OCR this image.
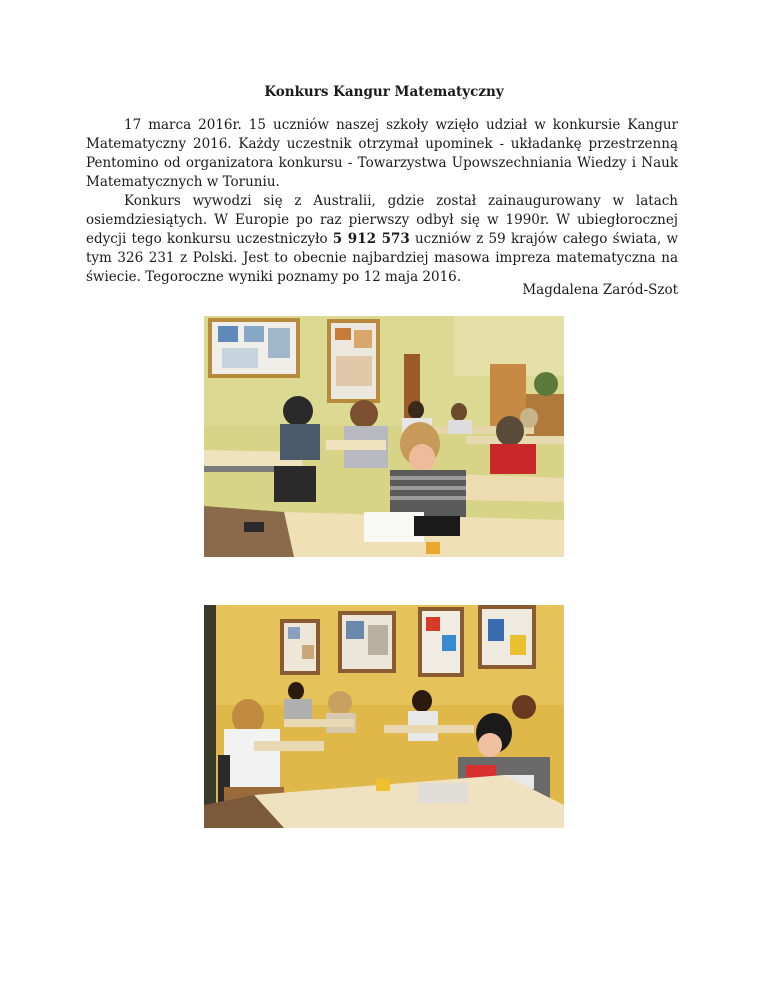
Konkurs Kangur Matematyczny

17 marca 2016r. 15 uczniów naszej szkoły wzięło udział w konkursie Kangur Matematyczny 2016. Każdy uczestnik otrzymał upominek - układankę przestrzenną Pentomino od organizatora konkursu - Towarzystwa Upowszechniania Wiedzy i Nauk Matematycznych w Toruniu.

Konkurs wywodzi się z Australii, gdzie został zainaugurowany w latach osiemdziesiątych. W Europie po raz pierwszy odbył się w 1990r. W ubiegłorocznej edycji tego konkursu uczestniczyło 5 912 573 uczniów z 59 krajów całego świata, w tym 326 231 z Polski. Jest to obecnie najbardziej masowa impreza matematyczna na świecie. Tegoroczne wyniki poznamy po 12 maja 2016.

Magdalena Zaród-Szot
